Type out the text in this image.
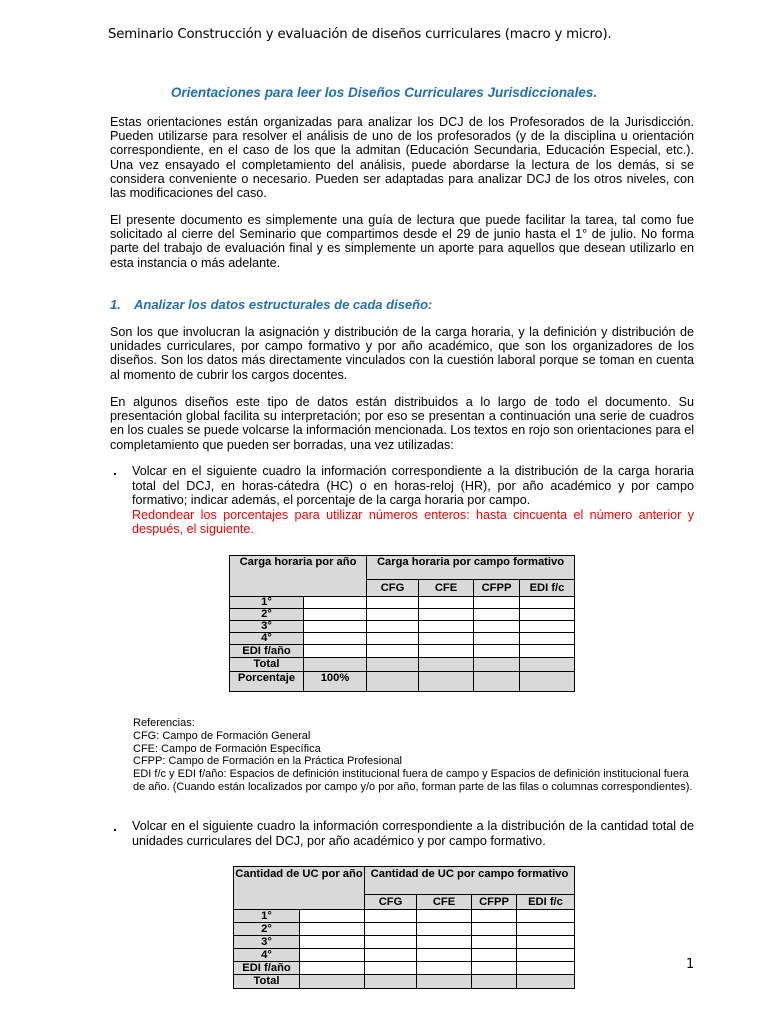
Seminario Construcción y evaluación de diseños curriculares (macro y micro).
Orientaciones para leer los Diseños Curriculares Jurisdiccionales.

Estas orientaciones están organizadas para analizar los DCJ de los Profesorados de la Jurisdicción. Pueden utilizarse para resolver el análisis de uno de los profesorados (y de la disciplina u orientación correspondiente, en el caso de los que la admitan (Educación Secundaria, Educación Especial, etc.). Una vez ensayado el completamiento del análisis, puede abordarse la lectura de los demás, si se considera conveniente o necesario. Pueden ser adaptadas para analizar DCJ de los otros niveles, con las modificaciones del caso.

El presente documento es simplemente una guía de lectura que puede facilitar la tarea, tal como fue solicitado al cierre del Seminario que compartimos desde el 29 de junio hasta el 1° de julio. No forma parte del trabajo de evaluación final y es simplemente un aporte para aquellos que desean utilizarlo en esta instancia o más adelante.

1. Analizar los datos estructurales de cada diseño:

Son los que involucran la asignación y distribución de la carga horaria, y la definición y distribución de unidades curriculares, por campo formativo y por año académico, que son los organizadores de los diseños. Son los datos más directamente vinculados con la cuestión laboral porque se toman en cuenta al momento de cubrir los cargos docentes.

En algunos diseños este tipo de datos están distribuidos a lo largo de todo el documento. Su presentación global facilita su interpretación; por eso se presentan a continuación una serie de cuadros en los cuales se puede volcarse la información mencionada. Los textos en rojo son orientaciones para el completamiento que pueden ser borradas, una vez utilizadas:

. Volcar en el siguiente cuadro la información correspondiente a la distribución de la carga horaria total del DCJ, en horas-cátedra (HC) o en horas-reloj (HR), por año académico y por campo formativo; indicar además, el porcentaje de la carga horaria por campo.
Redondear los porcentajes para utilizar números enteros: hasta cincuenta el número anterior y después, el siguiente.
Carga horaria por año		Carga horaria por campo formativo			
		CFG	CFE	CFPP	EDI f/c
1°					
2°					
3°					
4°					
EDI f/año					
Total					
Porcentaje	100%				
Referencias:
CFG: Campo de Formación General
CFE: Campo de Formación Específica
CFPP: Campo de Formación en la Práctica Profesional
EDI f/c y EDI f/año: Espacios de definición institucional fuera de campo y Espacios de definición institucional fuera de año. (Cuando están localizados por campo y/o por año, forman parte de las filas o columnas correspondientes).
. Volcar en el siguiente cuadro la información correspondiente a la distribución de la cantidad total de unidades curriculares del DCJ, por año académico y por campo formativo.
Cantidad de UC por año		Cantidad de UC por campo formativo			
		CFG	CFE	CFPP	EDI f/c
1°					
2°					
3°					
4°					
EDI f/año					
Total					
1
